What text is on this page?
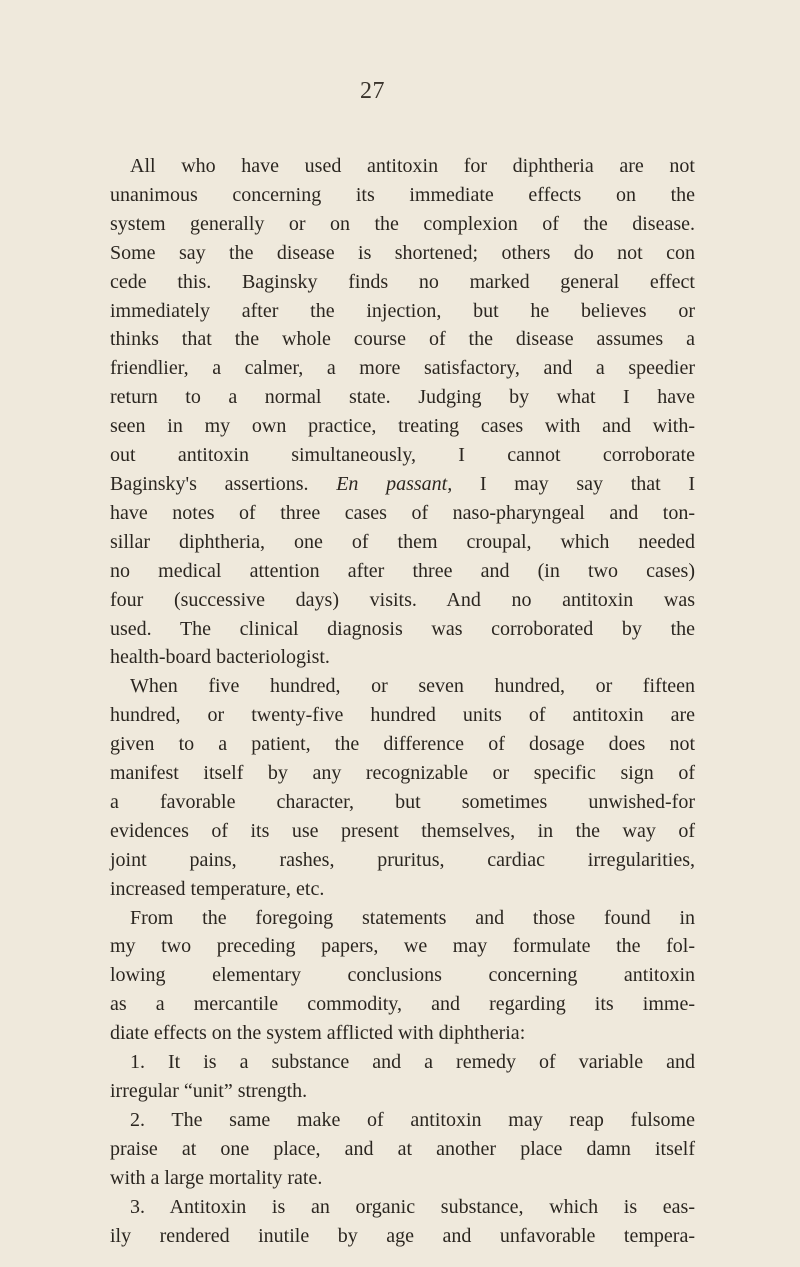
27
All who have used antitoxin for diphtheria are not
unanimous concerning its immediate effects on the
system generally or on the complexion of the disease.
Some say the disease is shortened; others do not con
cede this. Baginsky finds no marked general effect
immediately after the injection, but he believes or
thinks that the whole course of the disease assumes a
friendlier, a calmer, a more satisfactory, and a speedier
return to a normal state. Judging by what I have
seen in my own practice, treating cases with and with-
out antitoxin simultaneously, I cannot corroborate
Baginsky's assertions. En passant, I may say that I
have notes of three cases of naso-pharyngeal and ton-
sillar diphtheria, one of them croupal, which needed
no medical attention after three and (in two cases)
four (successive days) visits. And no antitoxin was
used. The clinical diagnosis was corroborated by the
health-board bacteriologist.
When five hundred, or seven hundred, or fifteen
hundred, or twenty-five hundred units of antitoxin are
given to a patient, the difference of dosage does not
manifest itself by any recognizable or specific sign of
a favorable character, but sometimes unwished-for
evidences of its use present themselves, in the way of
joint pains, rashes, pruritus, cardiac irregularities,
increased temperature, etc.
From the foregoing statements and those found in
my two preceding papers, we may formulate the fol-
lowing elementary conclusions concerning antitoxin
as a mercantile commodity, and regarding its imme-
diate effects on the system afflicted with diphtheria:
1. It is a substance and a remedy of variable and
irregular “unit” strength.
2. The same make of antitoxin may reap fulsome
praise at one place, and at another place damn itself
with a large mortality rate.
3. Antitoxin is an organic substance, which is eas-
ily rendered inutile by age and unfavorable tempera-
